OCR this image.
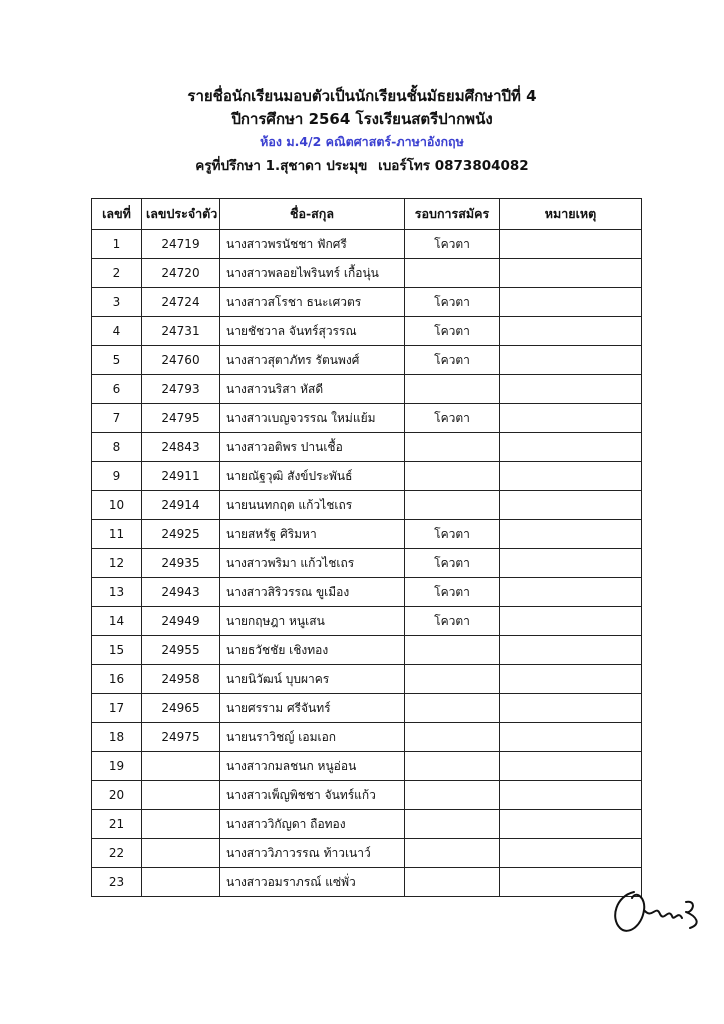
รายชื่อนักเรียนมอบตัวเป็นนักเรียนชั้นมัธยมศึกษาปีที่ 4
ปีการศึกษา 2564 โรงเรียนสตรีปากพนัง
ห้อง ม.4/2 คณิตศาสตร์-ภาษาอังกฤษ
ครูที่ปรึกษา 1.สุชาดา ประมุข เบอร์โทร 0873804082
เลขที่	เลขประจำตัว	ชื่อ-สกุล	รอบการสมัคร	หมายเหตุ
1	24719	นางสาวพรนัชชา ฟักศรี	โควตา	
2	24720	นางสาวพลอยไพรินทร์ เกื้อนุ่น		
3	24724	นางสาวสโรชา ธนะเศวตร	โควตา	
4	24731	นายชัชวาล จันทร์สุวรรณ	โควตา	
5	24760	นางสาวสุตาภัทร รัตนพงศ์	โควตา	
6	24793	นางสาวนริสา หัสดี		
7	24795	นางสาวเบญจวรรณ ใหม่แย้ม	โควตา	
8	24843	นางสาวอติพร ปานเชื้อ		
9	24911	นายณัฐวุฒิ สังข์ประพันธ์		
10	24914	นายนนทกฤต แก้วไชเถร		
11	24925	นายสหรัฐ ศิริมหา	โควตา	
12	24935	นางสาวพริมา แก้วไชเถร	โควตา	
13	24943	นางสาวสิริวรรณ ขูเมือง	โควตา	
14	24949	นายกฤษฎา หนูเสน	โควตา	
15	24955	นายธวัชชัย เชิงทอง		
16	24958	นายนิวัฒน์ บุบผาคร		
17	24965	นายศรราม ศรีจันทร์		
18	24975	นายนราวิชญ์ เอมเอก		
19		นางสาวกมลชนก หนูอ่อน		
20		นางสาวเพ็ญพิชชา จันทร์แก้ว		
21		นางสาววิกัญดา ถือทอง		
22		นางสาววิภาวรรณ ท้าวเนาว์		
23		นางสาวอมราภรณ์ แซ่พั่ว		
